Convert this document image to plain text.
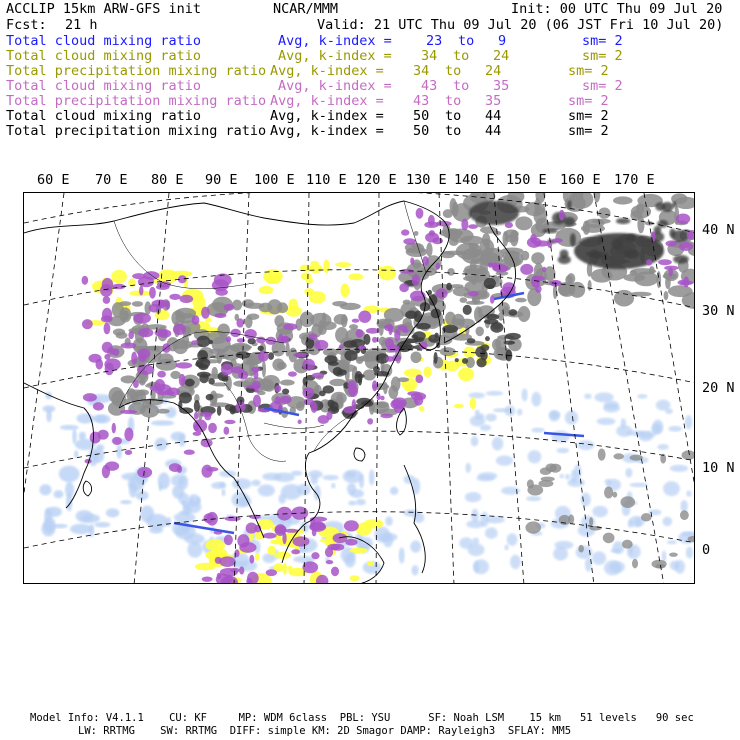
ACCLIP 15km ARW-GFS init	NCAR/MMM	Init: 00 UTC Thu 09 Jul 20
Fcst: 21 h	Valid: 21 UTC Thu 09 Jul 20 (06 JST Fri 10 Jul 20)
Total cloud mixing ratio	Avg, k-index =	23 to 9	sm= 2
Total cloud mixing ratio	Avg, k-index = 34 to 24	sm= 2
Total precipitation mixing ratio Avg, k-index = 34 to 24	sm= 2
Total cloud mixing ratio	Avg, k-index = 43 to 35	sm= 2
Total precipitation mixing ratio Avg, k-index = 43 to 35	sm= 2
Total cloud mixing ratio	Avg, k-index = 50 to 44	sm= 2
Total precipitation mixing ratio Avg, k-index = 50 to 44	sm= 2
60 E 70 E 80 E 90 E 100 E 110 E 120 E 130 E 140 E 150 E 160 E 170 E
40 N
30 N
20 N
10 N
0
Model Info: V4.1.1    CU: KF     MP: WDM 6class  PBL: YSU      SF: Noah LSM    15 km   51 levels   90 sec
LW: RRTMG    SW: RRTMG  DIFF: simple KM: 2D Smagor DAMP: Rayleigh3  SFLAY: MM5
